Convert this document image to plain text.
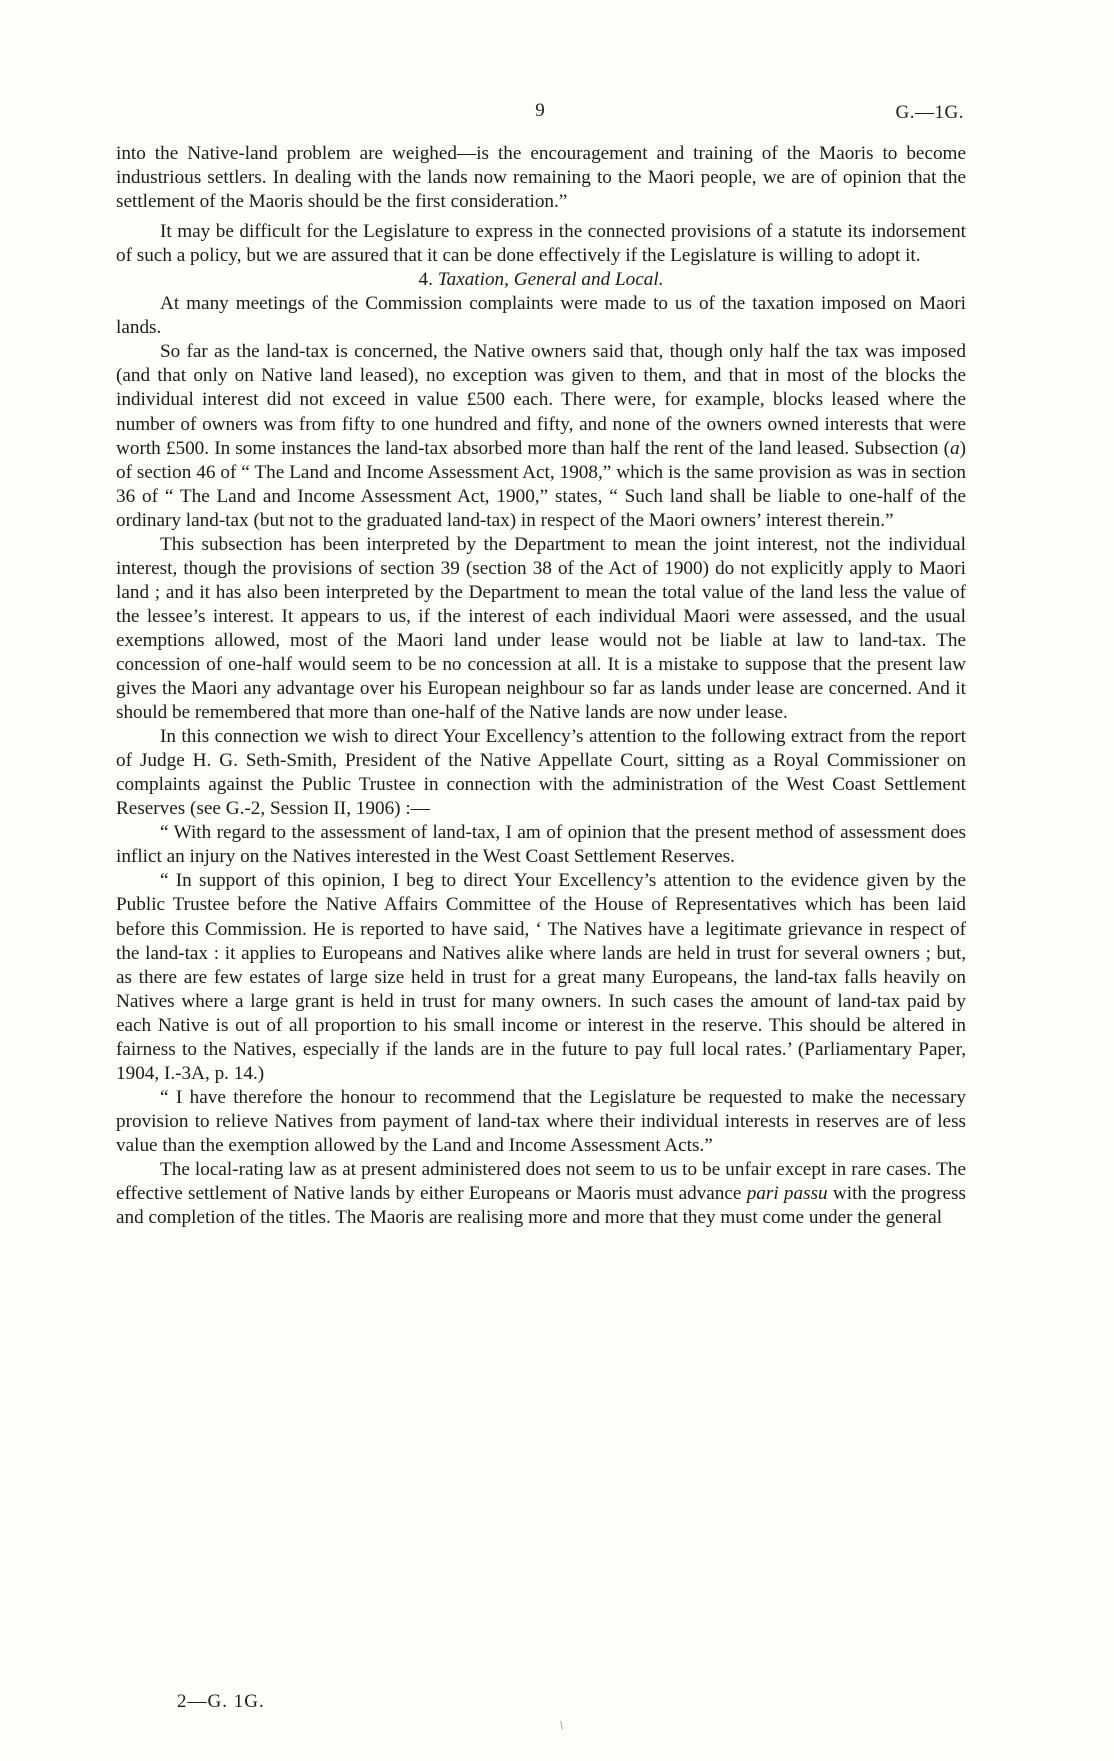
9	G.—1G.

into the Native-land problem are weighed—is the encouragement and training of the Maoris to become industrious settlers. In dealing with the lands now remaining to the Maori people, we are of opinion that the settlement of the Maoris should be the first consideration.”

It may be difficult for the Legislature to express in the connected provisions of a statute its indorsement of such a policy, but we are assured that it can be done effectively if the Legislature is willing to adopt it.

4. Taxation, General and Local.

At many meetings of the Commission complaints were made to us of the taxation imposed on Maori lands.

So far as the land-tax is concerned, the Native owners said that, though only half the tax was imposed (and that only on Native land leased), no exception was given to them, and that in most of the blocks the individual interest did not exceed in value £500 each. There were, for example, blocks leased where the number of owners was from fifty to one hundred and fifty, and none of the owners owned interests that were worth £500. In some instances the land-tax absorbed more than half the rent of the land leased. Subsection (a) of section 46 of “ The Land and Income Assessment Act, 1908,” which is the same provision as was in section 36 of “ The Land and Income Assessment Act, 1900,” states, “ Such land shall be liable to one-half of the ordinary land-tax (but not to the graduated land-tax) in respect of the Maori owners’ interest therein.”

This subsection has been interpreted by the Department to mean the joint interest, not the individual interest, though the provisions of section 39 (section 38 of the Act of 1900) do not explicitly apply to Maori land ; and it has also been interpreted by the Department to mean the total value of the land less the value of the lessee’s interest. It appears to us, if the interest of each individual Maori were assessed, and the usual exemptions allowed, most of the Maori land under lease would not be liable at law to land-tax. The concession of one-half would seem to be no concession at all. It is a mistake to suppose that the present law gives the Maori any advantage over his European neighbour so far as lands under lease are concerned. And it should be remembered that more than one-half of the Native lands are now under lease.

In this connection we wish to direct Your Excellency’s attention to the following extract from the report of Judge H. G. Seth-Smith, President of the Native Appellate Court, sitting as a Royal Commissioner on complaints against the Public Trustee in connection with the administration of the West Coast Settlement Reserves (see G.-2, Session II, 1906) :—

“ With regard to the assessment of land-tax, I am of opinion that the present method of assessment does inflict an injury on the Natives interested in the West Coast Settlement Reserves.

“ In support of this opinion, I beg to direct Your Excellency’s attention to the evidence given by the Public Trustee before the Native Affairs Committee of the House of Representatives which has been laid before this Commission. He is reported to have said, ‘ The Natives have a legitimate grievance in respect of the land-tax : it applies to Europeans and Natives alike where lands are held in trust for several owners ; but, as there are few estates of large size held in trust for a great many Europeans, the land-tax falls heavily on Natives where a large grant is held in trust for many owners. In such cases the amount of land-tax paid by each Native is out of all proportion to his small income or interest in the reserve. This should be altered in fairness to the Natives, especially if the lands are in the future to pay full local rates.’ (Parliamentary Paper, 1904, I.-3A, p. 14.)

“ I have therefore the honour to recommend that the Legislature be requested to make the necessary provision to relieve Natives from payment of land-tax where their individual interests in reserves are of less value than the exemption allowed by the Land and Income Assessment Acts.”

The local-rating law as at present administered does not seem to us to be unfair except in rare cases. The effective settlement of Native lands by either Europeans or Maoris must advance pari passu with the progress and completion of the titles. The Maoris are realising more and more that they must come under the general

2—G. 1G.
/
